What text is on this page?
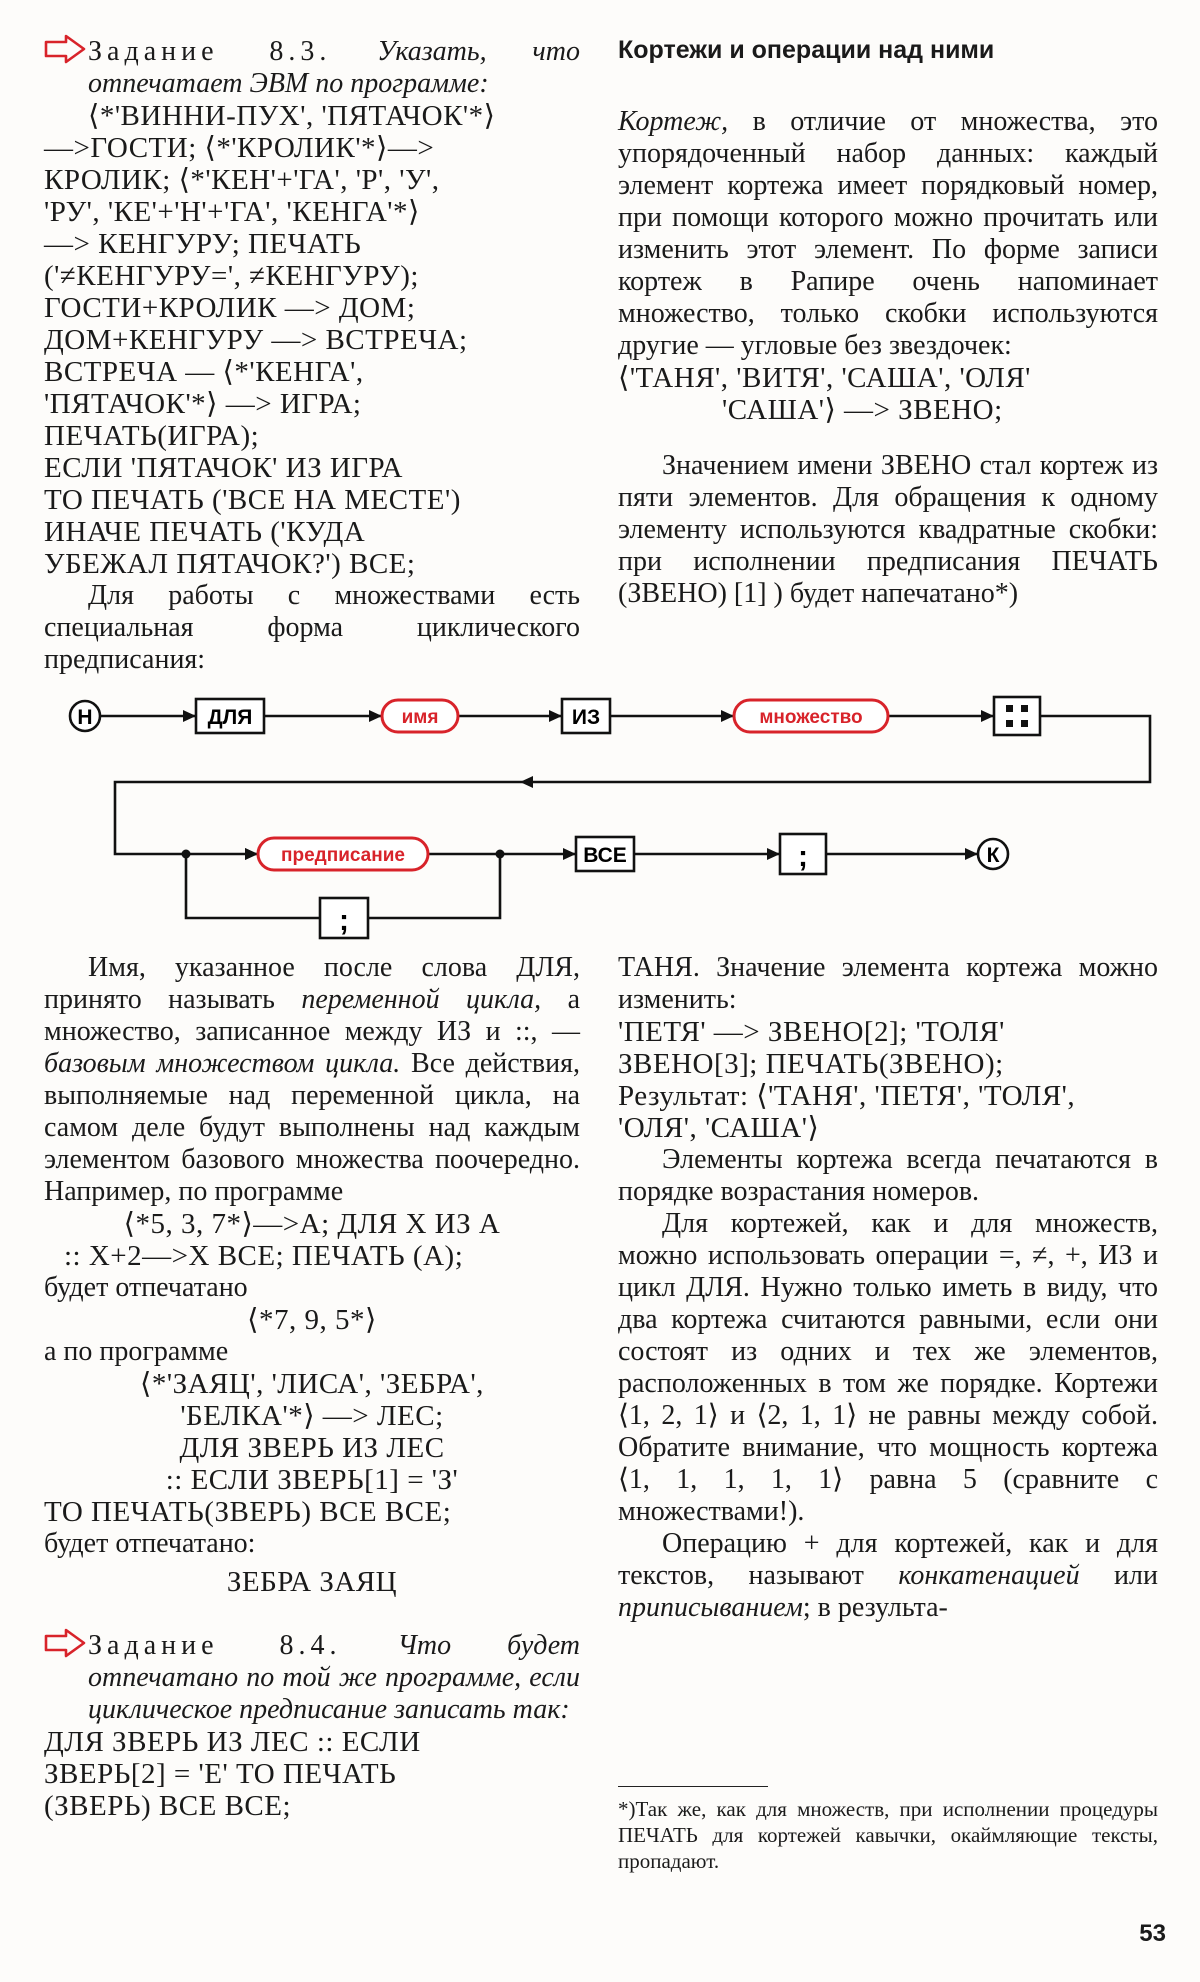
Задание 8.3. Указать, что отпечатает ЭВМ по программе:

⟨*'ВИННИ-ПУХ', 'ПЯТАЧОК'*⟩

—>ГОСТИ; ⟨*'КРОЛИК'*⟩—>

КРОЛИК; ⟨*'КЕН'+'ГА', 'Р', 'У',

'РУ', 'КЕ'+'Н'+'ГА', 'КЕНГА'*⟩

—> КЕНГУРУ; ПЕЧАТЬ

('≠КЕНГУРУ=', ≠КЕНГУРУ);

ГОСТИ+КРОЛИК —> ДОМ;

ДОМ+КЕНГУРУ —> ВСТРЕЧА;

ВСТРЕЧА — ⟨*'КЕНГА',

'ПЯТАЧОК'*⟩ —> ИГРА;

ПЕЧАТЬ(ИГРА);

ЕСЛИ 'ПЯТАЧОК' ИЗ ИГРА

ТО ПЕЧАТЬ ('ВСЕ НА МЕСТЕ')

ИНАЧЕ ПЕЧАТЬ ('КУДА

УБЕЖАЛ ПЯТАЧОК?') ВСЕ;

Для работы с множествами есть специальная форма циклического предписания:

Кортежи и операции над ними

Кортеж, в отличие от множества, это упорядоченный набор данных: каждый элемент кортежа имеет порядковый номер, при помощи которого можно прочитать или изменить этот элемент. По форме записи кортеж в Рапире очень напоминает множество, только скобки используются другие — угловые без звездочек:

⟨'ТАНЯ', 'ВИТЯ', 'САША', 'ОЛЯ'

'САША'⟩ —> ЗВЕНО;

Значением имени ЗВЕНО стал кортеж из пяти элементов. Для обращения к одному элементу используются квадратные скобки: при исполнении предписания ПЕЧАТЬ (ЗВЕНО) [1] ) будет напечатано*)

Н	ДЛЯ	имя	ИЗ	множество
предписание	ВСЕ	;	К
;

Имя, указанное после слова ДЛЯ, принято называть переменной цикла, а множество, записанное между ИЗ и ::, — базовым множеством цикла. Все действия, выполняемые над переменной цикла, на самом деле будут выполнены над каждым элементом базового множества поочередно. Например, по программе

⟨*5, 3, 7*⟩—>А; ДЛЯ Х ИЗ А

:: Х+2—>Х ВСЕ; ПЕЧАТЬ (А);

будет отпечатано

⟨*7, 9, 5*⟩

а по программе

⟨*'ЗАЯЦ', 'ЛИСА', 'ЗЕБРА',

'БЕЛКА'*⟩ —> ЛЕС;

ДЛЯ ЗВЕРЬ ИЗ ЛЕС

:: ЕСЛИ ЗВЕРЬ[1] = 'З'

ТО ПЕЧАТЬ(ЗВЕРЬ) ВСЕ ВСЕ;

будет отпечатано:

ЗЕБРА ЗАЯЦ

Задание 8.4. Что будет отпечатано по той же программе, если циклическое предписание записать так:

ДЛЯ ЗВЕРЬ ИЗ ЛЕС :: ЕСЛИ

ЗВЕРЬ[2] = 'Е' ТО ПЕЧАТЬ

(ЗВЕРЬ) ВСЕ ВСЕ;

ТАНЯ. Значение элемента кортежа можно изменить:

'ПЕТЯ' —> ЗВЕНО[2]; 'ТОЛЯ'

ЗВЕНО[3]; ПЕЧАТЬ(ЗВЕНО);

Результат: ⟨'ТАНЯ', 'ПЕТЯ', 'ТОЛЯ',

'ОЛЯ', 'САША'⟩

Элементы кортежа всегда печатаются в порядке возрастания номеров.

Для кортежей, как и для множеств, можно использовать операции =, ≠, +, ИЗ и цикл ДЛЯ. Нужно только иметь в виду, что два кортежа считаются равными, если они состоят из одних и тех же элементов, расположенных в том же порядке. Кортежи ⟨1, 2, 1⟩ и ⟨2, 1, 1⟩ не равны между собой. Обратите внимание, что мощность кортежа ⟨1, 1, 1, 1, 1⟩ равна 5 (сравните с множествами!).

Операцию + для кортежей, как и для текстов, называют конкатенацией или приписыванием; в результа-

*)Так же, как для множеств, при исполнении процедуры ПЕЧАТЬ для кортежей кавычки, окаймляющие тексты, пропадают.

53
